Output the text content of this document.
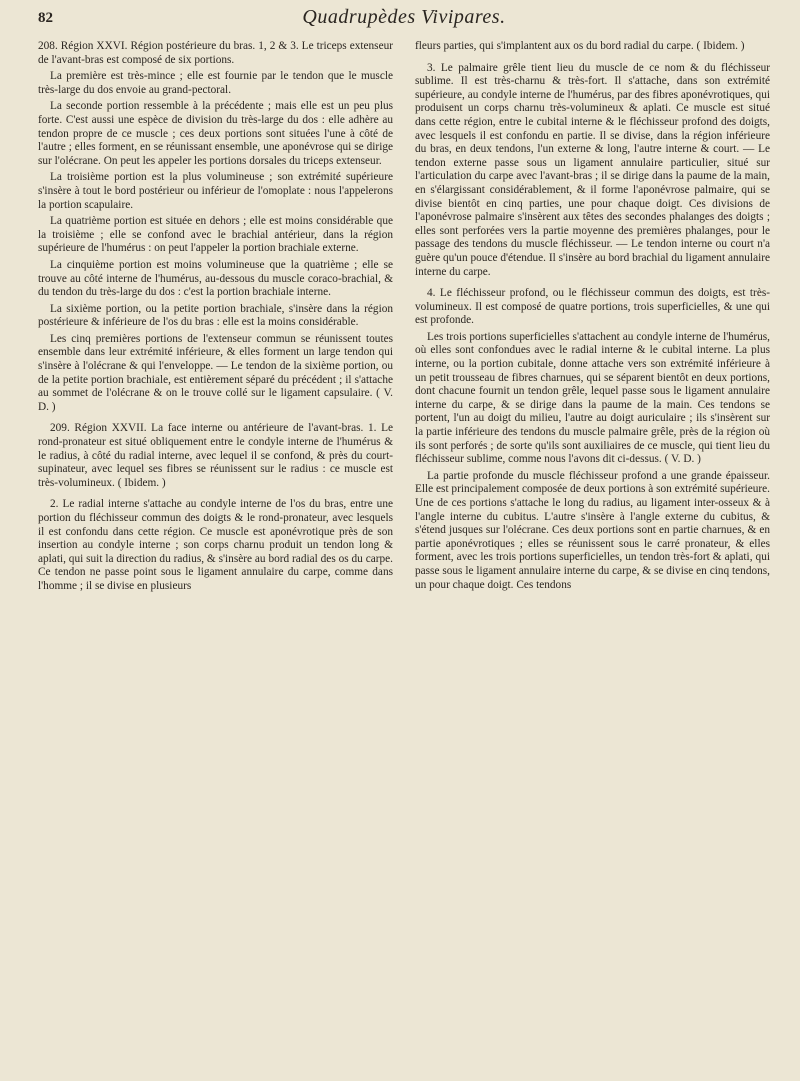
82	Quadrupèdes Vivipares.

208. Région XXVI. Région postérieure du bras. 1, 2 & 3. Le triceps extenseur de l'avant-bras est composé de six portions.

La première est très-mince ; elle est fournie par le tendon que le muscle très-large du dos envoie au grand-pectoral.

La seconde portion ressemble à la précédente ; mais elle est un peu plus forte. C'est aussi une espèce de division du très-large du dos : elle adhère au tendon propre de ce muscle ; ces deux portions sont situées l'une à côté de l'autre ; elles forment, en se réunissant ensemble, une aponévrose qui se dirige sur l'olécrane. On peut les appeler les portions dorsales du triceps extenseur.

La troisième portion est la plus volumineuse ; son extrémité supérieure s'insère à tout le bord postérieur ou inférieur de l'omoplate : nous l'appelerons la portion scapulaire.

La quatrième portion est située en dehors ; elle est moins considérable que la troisième ; elle se confond avec le brachial antérieur, dans la région supérieure de l'humérus : on peut l'appeler la portion brachiale externe.

La cinquième portion est moins volumineuse que la quatrième ; elle se trouve au côté interne de l'humérus, au-dessous du muscle coraco-brachial, & du tendon du très-large du dos : c'est la portion brachiale interne.

La sixième portion, ou la petite portion brachiale, s'insère dans la région postérieure & inférieure de l'os du bras : elle est la moins considérable.

Les cinq premières portions de l'extenseur commun se réunissent toutes ensemble dans leur extrémité inférieure, & elles forment un large tendon qui s'insère à l'olécrane & qui l'enveloppe. — Le tendon de la sixième portion, ou de la petite portion brachiale, est entièrement séparé du précédent ; il s'attache au sommet de l'olécrane & on le trouve collé sur le ligament capsulaire. ( V. D. )

209. Région XXVII. La face interne ou antérieure de l'avant-bras. 1. Le rond-pronateur est situé obliquement entre le condyle interne de l'humérus & le radius, à côté du radial interne, avec lequel il se confond, & près du court-supinateur, avec lequel ses fibres se réunissent sur le radius : ce muscle est très-volumineux. ( Ibidem. )

2. Le radial interne s'attache au condyle interne de l'os du bras, entre une portion du fléchisseur commun des doigts & le rond-pronateur, avec lesquels il est confondu dans cette région. Ce muscle est aponévrotique près de son insertion au condyle interne ; son corps charnu produit un tendon long & aplati, qui suit la direction du radius, & s'insère au bord radial des os du carpe. Ce tendon ne passe point sous le ligament annulaire du carpe, comme dans l'homme ; il se divise en plusieurs

fleurs parties, qui s'implantent aux os du bord radial du carpe. ( Ibidem. )

3. Le palmaire grêle tient lieu du muscle de ce nom & du fléchisseur sublime. Il est très-charnu & très-fort. Il s'attache, dans son extrémité supérieure, au condyle interne de l'humérus, par des fibres aponévrotiques, qui produisent un corps charnu très-volumineux & aplati. Ce muscle est situé dans cette région, entre le cubital interne & le fléchisseur profond des doigts, avec lesquels il est confondu en partie. Il se divise, dans la région inférieure du bras, en deux tendons, l'un externe & long, l'autre interne & court. — Le tendon externe passe sous un ligament annulaire particulier, situé sur l'articulation du carpe avec l'avant-bras ; il se dirige dans la paume de la main, en s'élargissant considérablement, & il forme l'aponévrose palmaire, qui se divise bientôt en cinq parties, une pour chaque doigt. Ces divisions de l'aponévrose palmaire s'insèrent aux têtes des secondes phalanges des doigts ; elles sont perforées vers la partie moyenne des premières phalanges, pour le passage des tendons du muscle fléchisseur. — Le tendon interne ou court n'a guère qu'un pouce d'étendue. Il s'insère au bord brachial du ligament annulaire interne du carpe.

4. Le fléchisseur profond, ou le fléchisseur commun des doigts, est très-volumineux. Il est composé de quatre portions, trois superficielles, & une qui est profonde.

Les trois portions superficielles s'attachent au condyle interne de l'humérus, où elles sont confondues avec le radial interne & le cubital interne. La plus interne, ou la portion cubitale, donne attache vers son extrémité inférieure à un petit trousseau de fibres charnues, qui se séparent bientôt en deux portions, dont chacune fournit un tendon grêle, lequel passe sous le ligament annulaire interne du carpe, & se dirige dans la paume de la main. Ces tendons se portent, l'un au doigt du milieu, l'autre au doigt auriculaire ; ils s'insèrent sur la partie inférieure des tendons du muscle palmaire grêle, près de la région où ils sont perforés ; de sorte qu'ils sont auxiliaires de ce muscle, qui tient lieu du fléchisseur sublime, comme nous l'avons dit ci-dessus. ( V. D. )

La partie profonde du muscle fléchisseur profond a une grande épaisseur. Elle est principalement composée de deux portions à son extrémité supérieure. Une de ces portions s'attache le long du radius, au ligament inter-osseux & à l'angle interne du cubitus. L'autre s'insère à l'angle externe du cubitus, & s'étend jusques sur l'olécrane. Ces deux portions sont en partie charnues, & en partie aponévrotiques ; elles se réunissent sous le carré pronateur, & elles forment, avec les trois portions superficielles, un tendon très-fort & aplati, qui passe sous le ligament annulaire interne du carpe, & se divise en cinq tendons, un pour chaque doigt. Ces tendons
